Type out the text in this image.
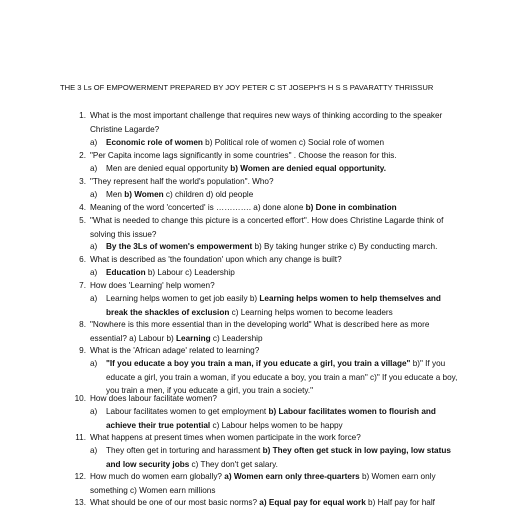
THE 3 Ls OF EMPOWERMENT PREPARED BY JOY PETER C ST JOSEPH'S H S S PAVARATTY THRISSUR
1. What is the most important challenge that requires new ways of thinking according to the speaker Christine Lagarde?
a) Economic role of women b) Political role of women c) Social role of women
2. "Per Capita income lags significantly in some countries" . Choose the reason for this.
a) Men are denied equal opportunity b) Women are denied equal opportunity.
3. "They represent half the world's population". Who?
a) Men b) Women c) children d) old people
4. Meaning of the word 'concerted' is …………. a) done alone b) Done in combination
5. "What is needed to change this picture is a concerted effort". How does Christine Lagarde think of solving this issue?
a) By the 3Ls of women's empowerment b) By taking hunger strike c) By conducting march.
6. What is described as 'the foundation' upon which any change is built?
a) Education b) Labour c) Leadership
7. How does 'Learning' help women?
a) Learning helps women to get job easily b) Learning helps women to help themselves and break the shackles of exclusion c) Learning helps women to become leaders
8. "Nowhere is this more essential than in the developing world" What is described here as more essential? a) Labour b) Learning c) Leadership
9. What is the 'African adage' related to learning?
a) "If you educate a boy you train a man, if you educate a girl, you train a village" b)" If you educate a girl, you train a woman, if you educate a boy, you train a man" c)" If you educate a boy, you train a men, if you educate a girl, you train a society."
10. How does labour facilitate women?
a) Labour facilitates women to get employment b) Labour facilitates women to flourish and achieve their true potential c) Labour helps women to be happy
11. What happens at present times when women participate in the work force?
a) They often get in torturing and harassment b) They often get stuck in low paying, low status and low security jobs c) They don't get salary.
12. How much do women earn globally? a) Women earn only three-quarters b) Women earn only something c) Women earn millions
13. What should be one of our most basic norms? a) Equal pay for equal work b) Half pay for half
